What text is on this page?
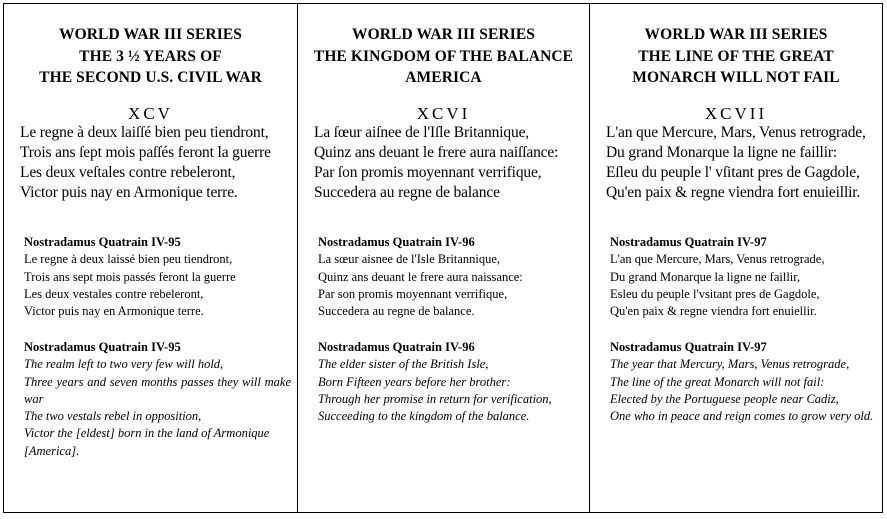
WORLD WAR III SERIES
THE 3 ½ YEARS OF
THE SECOND U.S. CIVIL WAR
XCV
Le regne à deux laiſſé bien peu tiendront,
Trois ans ſept mois paſſés feront la guerre
Les deux veſtales contre rebeleront,
Victor puis nay en Armonique terre.
Nostradamus Quatrain IV-95
Le regne à deux laissé bien peu tiendront,
Trois ans sept mois passés feront la guerre
Les deux vestales contre rebeleront,
Victor puis nay en Armonique terre.
Nostradamus Quatrain IV-95
The realm left to two very few will hold,
Three years and seven months passes they will make war
The two vestals rebel in opposition,
Victor the [eldest] born in the land of Armonique [America].
WORLD WAR III SERIES
THE KINGDOM OF THE BALANCE
AMERICA
XCVI
La ſœur aiſnee de l'Iſle Britannique,
Quinz ans deuant le frere aura naiſſance:
Par ſon promis moyennant verrifique,
Succedera au regne de balance
Nostradamus Quatrain IV-96
La sœur aisnee de l'Isle Britannique,
Quinz ans deuant le frere aura naissance:
Par son promis moyennant verrifique,
Succedera au regne de balance.
Nostradamus Quatrain IV-96
The elder sister of the British Isle,
Born Fifteen years before her brother:
Through her promise in return for verification,
Succeeding to the kingdom of the balance.
WORLD WAR III SERIES
THE LINE OF THE GREAT
MONARCH WILL NOT FAIL
XCVII
L'an que Mercure, Mars, Venus retrograde,
Du grand Monarque la ligne ne faillir:
Eſleu du peuple l' vſitant pres de Gagdole,
Qu'en paix & regne viendra fort enuieillir.
Nostradamus Quatrain IV-97
L'an que Mercure, Mars, Venus retrograde,
Du grand Monarque la ligne ne faillir,
Esleu du peuple l'vsitant pres de Gagdole,
Qu'en paix & regne viendra fort enuiellir.
Nostradamus Quatrain IV-97
The year that Mercury, Mars, Venus retrograde,
The line of the great Monarch will not fail:
Elected by the Portuguese people near Cadiz,
One who in peace and reign comes to grow very old.
